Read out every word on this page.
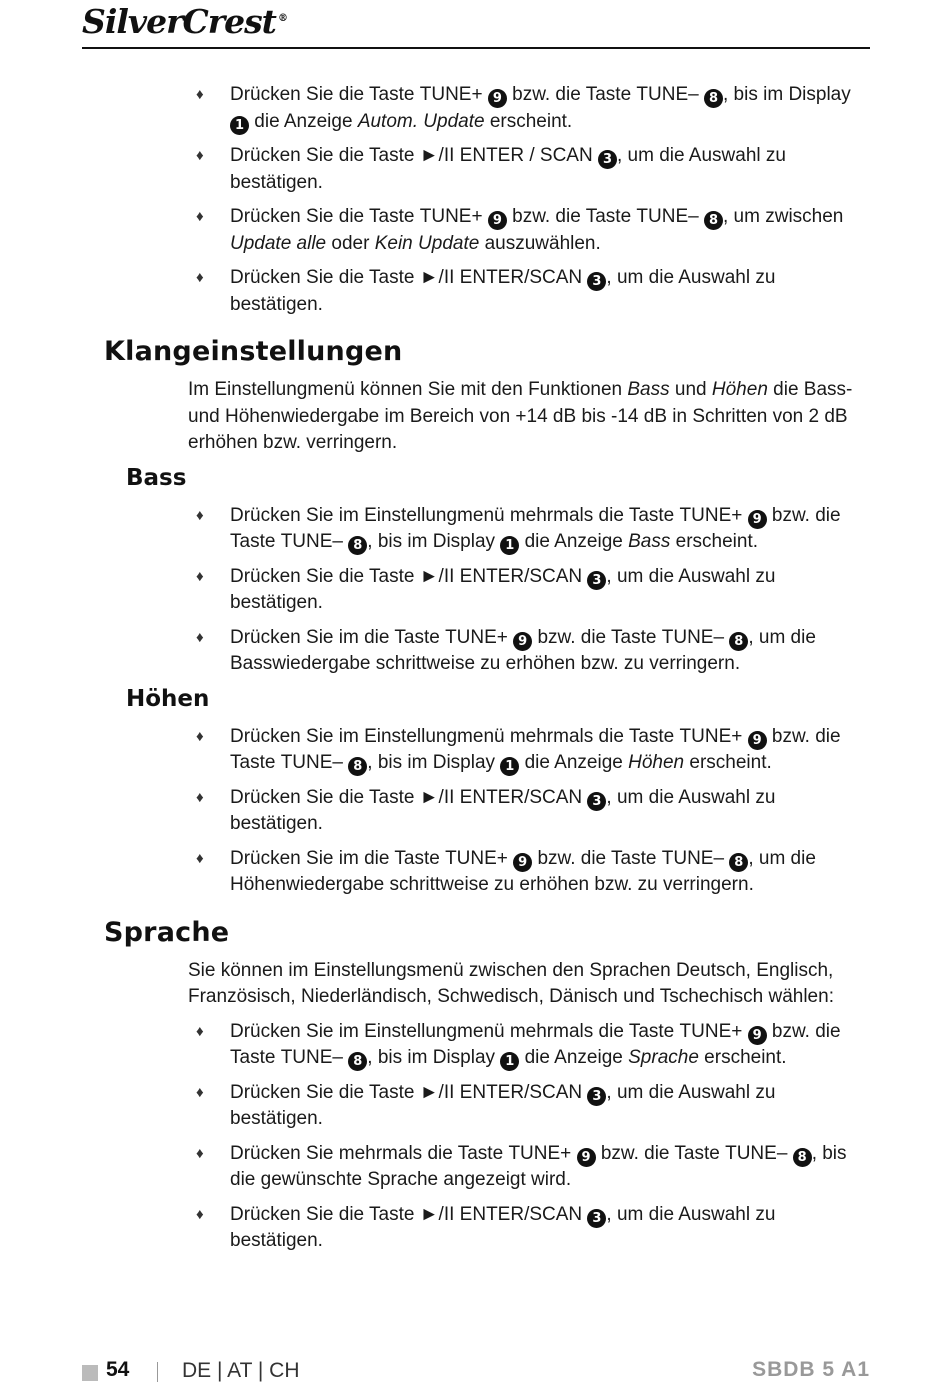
SilverCrest ®
♦ Drücken Sie die Taste TUNE+ 9 bzw. die Taste TUNE– 8 , bis im Display 1 die Anzeige Autom. Update erscheint.
♦ Drücken Sie die Taste ►/II ENTER / SCAN 3 , um die Auswahl zu bestätigen.
♦ Drücken Sie die Taste TUNE+ 9 bzw. die Taste TUNE– 8 , um zwischen Update alle oder Kein Update auszuwählen.
♦ Drücken Sie die Taste ►/II ENTER/SCAN 3 , um die Auswahl zu bestätigen.
Klangeinstellungen

Im Einstellungmenü können Sie mit den Funktionen Bass und Höhen die Bass- und Höhenwiedergabe im Bereich von +14 dB bis -14 dB in Schritten von 2 dB erhöhen bzw. verringern.

Bass
♦ Drücken Sie im Einstellungmenü mehrmals die Taste TUNE+ 9 bzw. die Taste TUNE– 8 , bis im Display 1 die Anzeige Bass erscheint.
♦ Drücken Sie die Taste ►/II ENTER/SCAN 3 , um die Auswahl zu bestätigen.
♦ Drücken Sie im die Taste TUNE+ 9 bzw. die Taste TUNE– 8 , um die Basswiedergabe schrittweise zu erhöhen bzw. zu verringern.
Höhen
♦ Drücken Sie im Einstellungmenü mehrmals die Taste TUNE+ 9 bzw. die Taste TUNE– 8 , bis im Display 1 die Anzeige Höhen erscheint.
♦ Drücken Sie die Taste ►/II ENTER/SCAN 3 , um die Auswahl zu bestätigen.
♦ Drücken Sie im die Taste TUNE+ 9 bzw. die Taste TUNE– 8 , um die Höhenwiedergabe schrittweise zu erhöhen bzw. zu verringern.
Sprache

Sie können im Einstellungsmenü zwischen den Sprachen Deutsch, Englisch, Französisch, Niederländisch, Schwedisch, Dänisch und Tschechisch wählen:

♦ Drücken Sie im Einstellungmenü mehrmals die Taste TUNE+ 9 bzw. die Taste TUNE– 8 , bis im Display 1 die Anzeige Sprache erscheint.
♦ Drücken Sie die Taste ►/II ENTER/SCAN 3 , um die Auswahl zu bestätigen.
♦ Drücken Sie mehrmals die Taste TUNE+ 9 bzw. die Taste TUNE– 8 , bis die gewünschte Sprache angezeigt wird.
♦ Drücken Sie die Taste ►/II ENTER/SCAN 3 , um die Auswahl zu bestätigen.
54	DE | AT | CH	SBDB 5 A1
